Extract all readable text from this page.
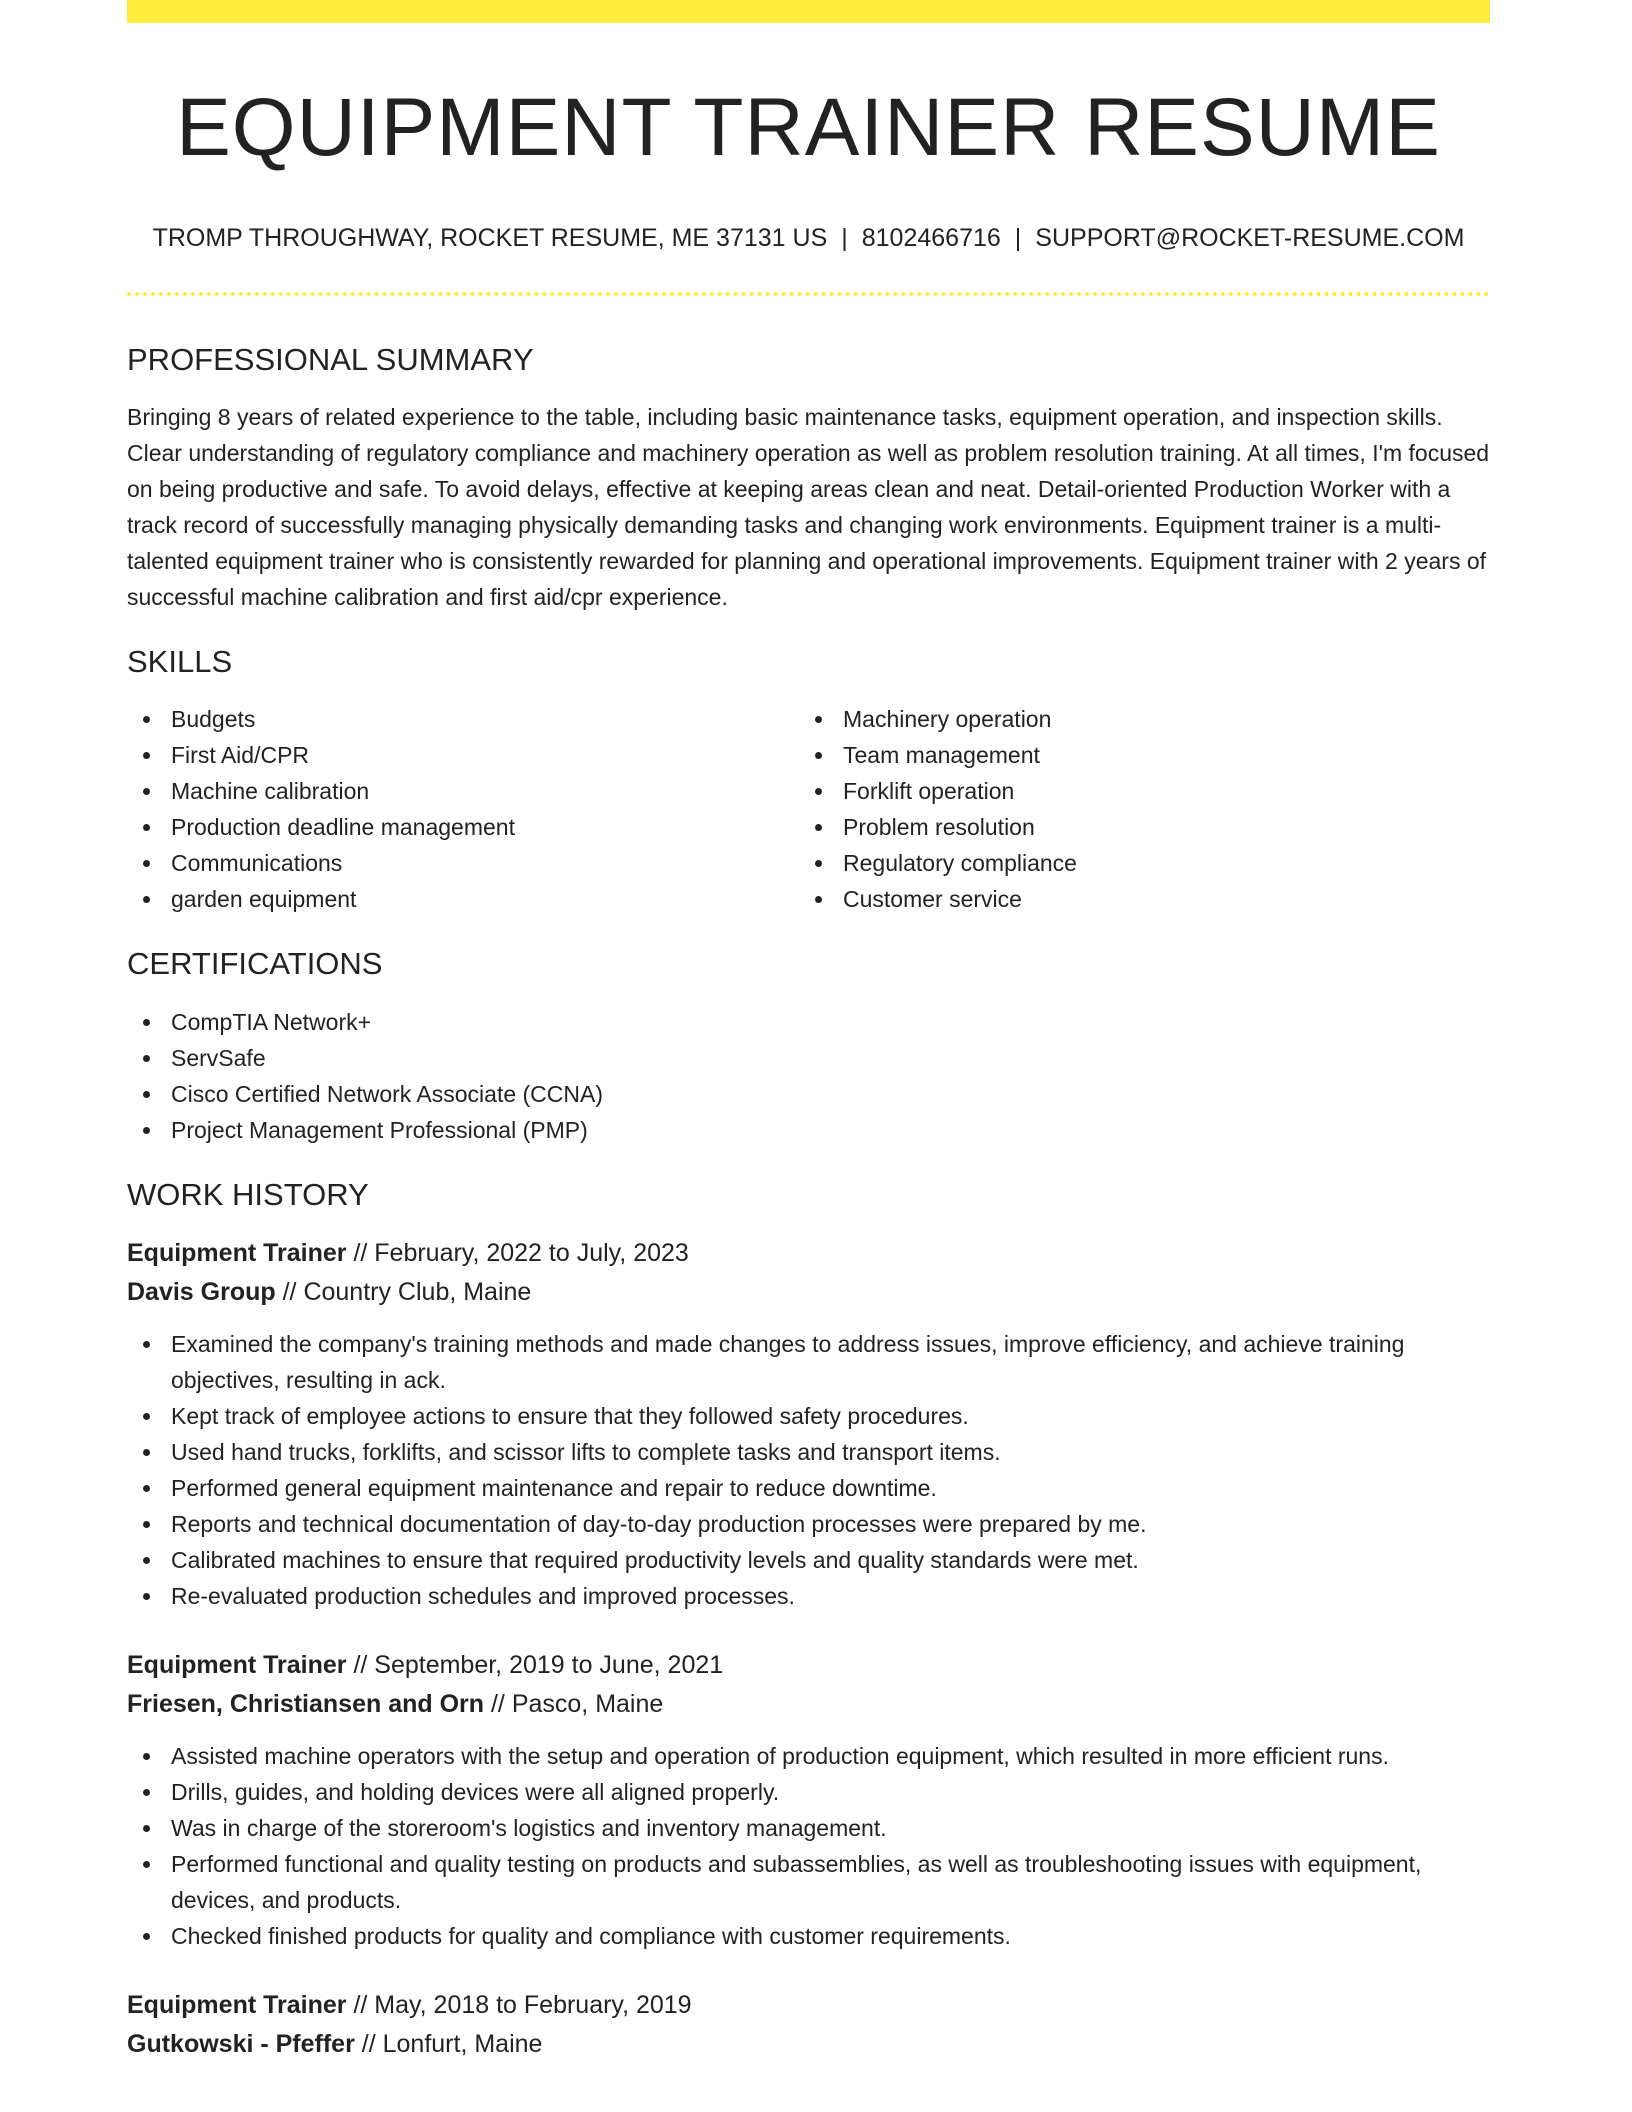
EQUIPMENT TRAINER RESUME
TROMP THROUGHWAY, ROCKET RESUME, ME 37131 US | 8102466716 | SUPPORT@ROCKET-RESUME.COM
PROFESSIONAL SUMMARY

Bringing 8 years of related experience to the table, including basic maintenance tasks, equipment operation, and inspection skills. Clear understanding of regulatory compliance and machinery operation as well as problem resolution training. At all times, I'm focused on being productive and safe. To avoid delays, effective at keeping areas clean and neat. Detail-oriented Production Worker with a track record of successfully managing physically demanding tasks and changing work environments. Equipment trainer is a multi-talented equipment trainer who is consistently rewarded for planning and operational improvements. Equipment trainer with 2 years of successful machine calibration and first aid/cpr experience.

SKILLS
Budgets
First Aid/CPR
Machine calibration
Production deadline management
Communications
garden equipment
Machinery operation
Team management
Forklift operation
Problem resolution
Regulatory compliance
Customer service
CERTIFICATIONS
CompTIA Network+
ServSafe
Cisco Certified Network Associate (CCNA)
Project Management Professional (PMP)
WORK HISTORY
Equipment Trainer // February, 2022 to July, 2023
Davis Group // Country Club, Maine
Examined the company's training methods and made changes to address issues, improve efficiency, and achieve training objectives, resulting in ack.
Kept track of employee actions to ensure that they followed safety procedures.
Used hand trucks, forklifts, and scissor lifts to complete tasks and transport items.
Performed general equipment maintenance and repair to reduce downtime.
Reports and technical documentation of day-to-day production processes were prepared by me.
Calibrated machines to ensure that required productivity levels and quality standards were met.
Re-evaluated production schedules and improved processes.
Equipment Trainer // September, 2019 to June, 2021
Friesen, Christiansen and Orn // Pasco, Maine
Assisted machine operators with the setup and operation of production equipment, which resulted in more efficient runs.
Drills, guides, and holding devices were all aligned properly.
Was in charge of the storeroom's logistics and inventory management.
Performed functional and quality testing on products and subassemblies, as well as troubleshooting issues with equipment, devices, and products.
Checked finished products for quality and compliance with customer requirements.
Equipment Trainer // May, 2018 to February, 2019
Gutkowski - Pfeffer // Lonfurt, Maine
